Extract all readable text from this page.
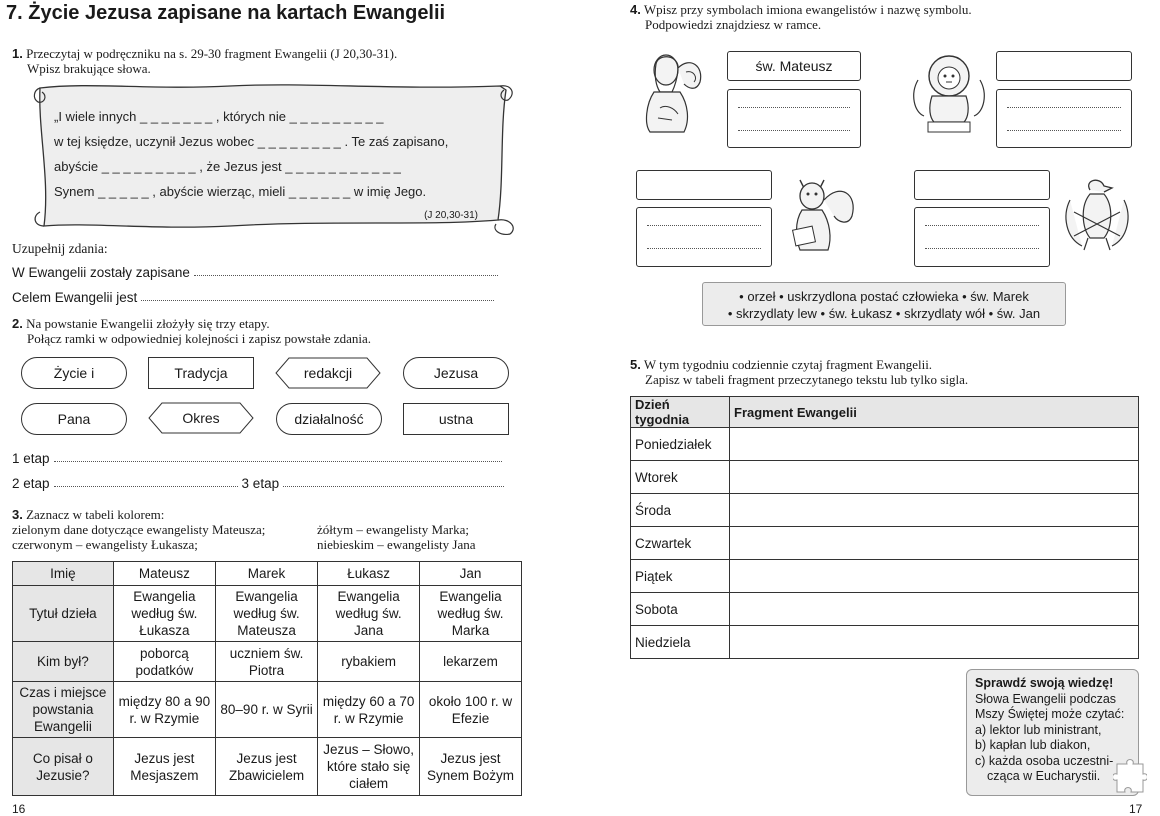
7. Życie Jezusa zapisane na kartach Ewangelii
1. Przeczytaj w podręczniku na s. 29-30 fragment Ewangelii (J 20,30-31).
Wpisz brakujące słowa.
„I wiele innych _ _ _ _ _ _ _ , których nie _ _ _ _ _ _ _ _ _
w tej księdze, uczynił Jezus wobec _ _ _ _ _ _ _ _ . Te zaś zapisano,
abyście _ _ _ _ _ _ _ _ _ , że Jezus jest _ _ _ _ _ _ _ _ _ _ _
Synem _ _ _ _ _ , abyście wierząc, mieli _ _ _ _ _ _ w imię Jego.
(J 20,30-31)
Uzupełnij zdania:
W Ewangelii zostały zapisane
Celem Ewangelii jest
2. Na powstanie Ewangelii złożyły się trzy etapy.
Połącz ramki w odpowiedniej kolejności i zapisz powstałe zdania.
Życie i	Tradycja	redakcji	Jezusa
Pana	Okres	działalność	ustna
1 etap
2 etap	3 etap
3. Zaznacz w tabeli kolorem:
zielonym dane dotyczące ewangelisty Mateusza;
czerwonym – ewangelisty Łukasza;
żółtym – ewangelisty Marka;
niebieskim – ewangelisty Jana
Imię	Mateusz	Marek	Łukasz	Jan
Tytuł dzieła	Ewangelia według św. Łukasza	Ewangelia według św. Mateusza	Ewangelia według św. Jana	Ewangelia według św. Marka
Kim był?	poborcą podatków	uczniem św. Piotra	rybakiem	lekarzem
Czas i miejsce powstania Ewangelii	między 80 a 90 r. w Rzymie	80–90 r. w Syrii	między 60 a 70 r. w Rzymie	około 100 r. w Efezie
Co pisał o Jezusie?	Jezus jest Mesjaszem	Jezus jest Zbawicielem	Jezus – Słowo, które stało się ciałem	Jezus jest Synem Bożym
16
4. Wpisz przy symbolach imiona ewangelistów i nazwę symbolu.
Podpowiedzi znajdziesz w ramce.
św. Mateusz
• orzeł • uskrzydlona postać człowieka • św. Marek
• skrzydlaty lew • św. Łukasz • skrzydlaty wół • św. Jan
5. W tym tygodniu codziennie czytaj fragment Ewangelii.
Zapisz w tabeli fragment przeczytanego tekstu lub tylko sigla.
Dzień tygodnia	Fragment Ewangelii
Poniedziałek	
Wtorek	
Środa	
Czwartek	
Piątek	
Sobota	
Niedziela	
Sprawdź swoją wiedzę!
Słowa Ewangelii podczas
Mszy Świętej może czytać:
a) lektor lub ministrant,
b) kapłan lub diakon,
c) każda osoba uczestni-
cząca w Eucharystii.
17
